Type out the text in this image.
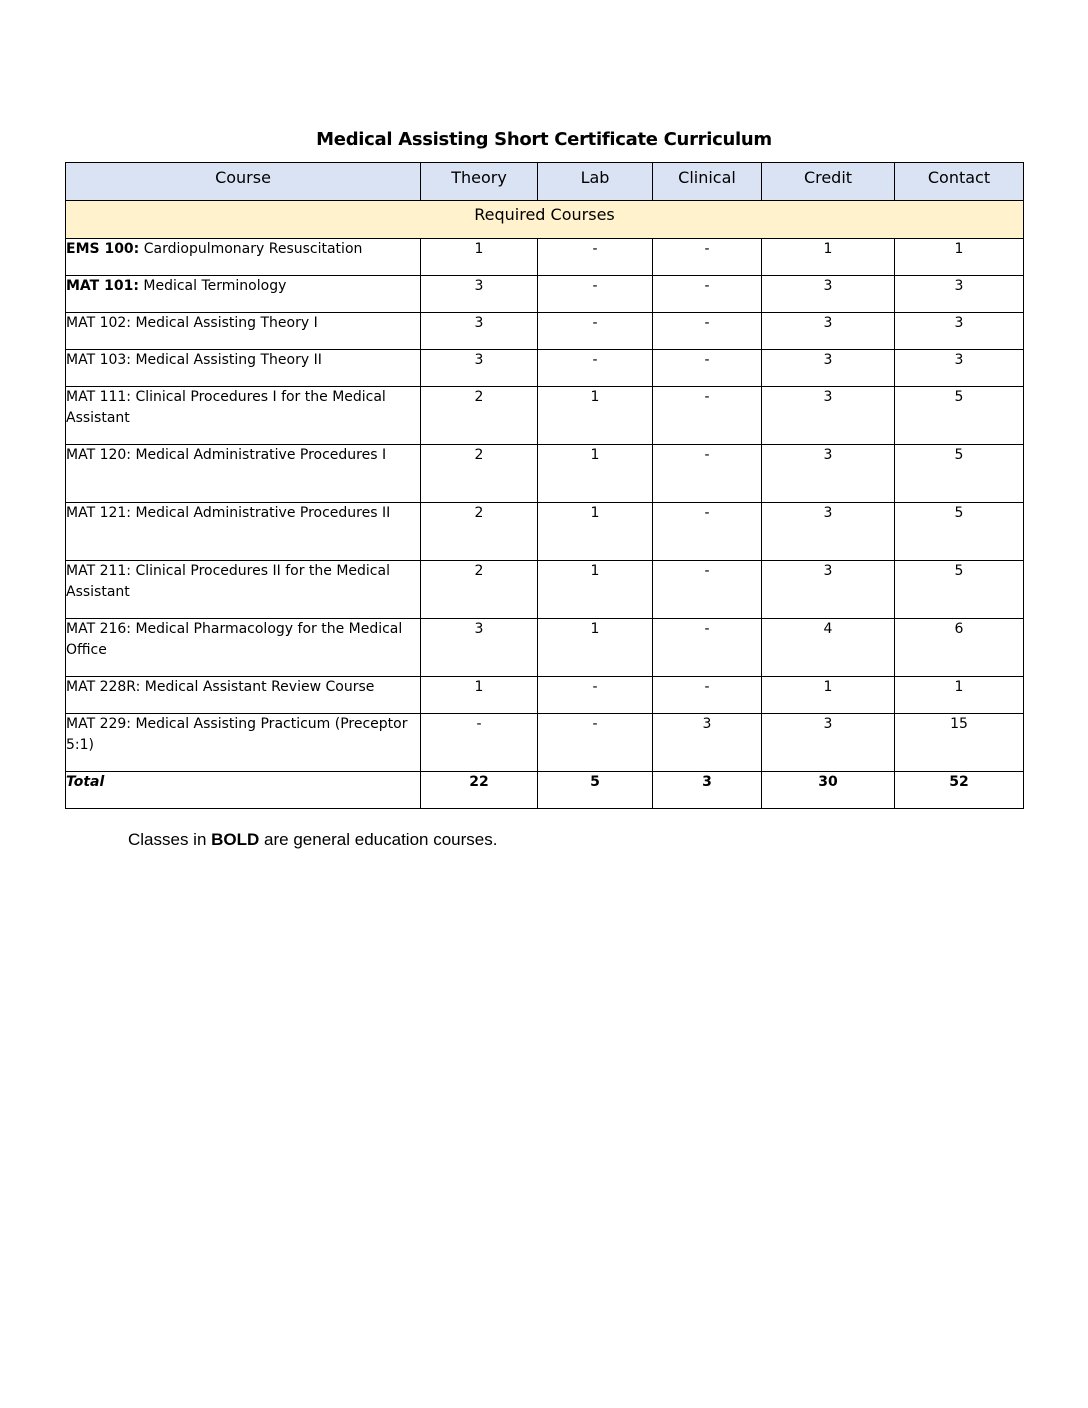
Medical Assisting Short Certificate Curriculum
Course	Theory	Lab	Clinical	Credit	Contact
Required Courses					
EMS 100: Cardiopulmonary Resuscitation	1	-	-	1	1
MAT 101: Medical Terminology	3	-	-	3	3
MAT 102: Medical Assisting Theory I	3	-	-	3	3
MAT 103: Medical Assisting Theory II	3	-	-	3	3
MAT 111: Clinical Procedures I for the Medical Assistant	2	1	-	3	5
MAT 120: Medical Administrative Procedures I	2	1	-	3	5
MAT 121: Medical Administrative Procedures II	2	1	-	3	5
MAT 211: Clinical Procedures II for the Medical Assistant	2	1	-	3	5
MAT 216: Medical Pharmacology for the Medical Office	3	1	-	4	6
MAT 228R: Medical Assistant Review Course	1	-	-	1	1
MAT 229: Medical Assisting Practicum (Preceptor 5:1)	-	-	3	3	15
Total	22	5	3	30	52
Classes in BOLD are general education courses.
